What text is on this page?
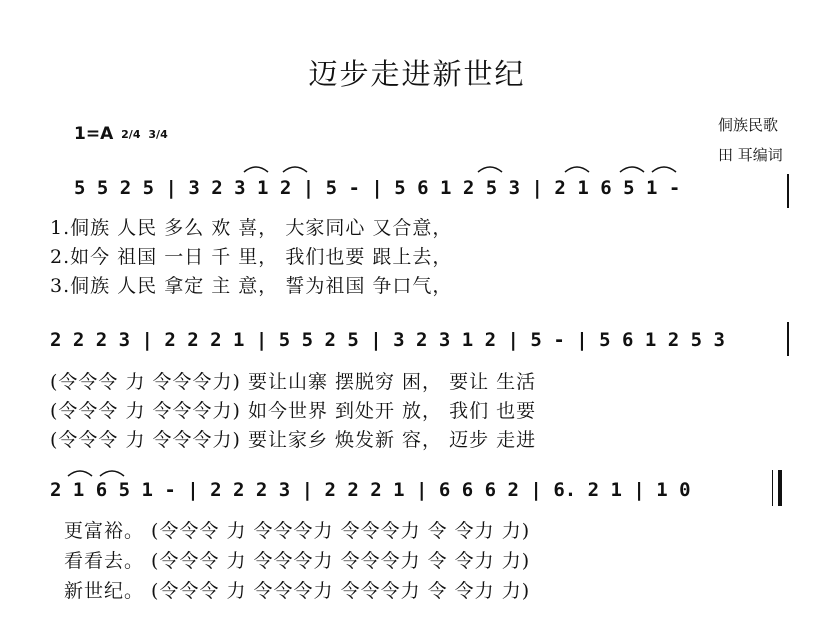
迈步走进新世纪
1=A 2/4
3/4	侗族民歌
田 耳编词
5 5 2 5 | 3 2 3 1 2 | 5 - | 5 6 1 2 5 3 | 2 1 6 5 1 -
1.侗族 人民 多么 欢 喜， 大家同心 又合意，
2.如今 祖国 一日 千 里， 我们也要 跟上去，
3.侗族 人民 拿定 主 意， 誓为祖国 争口气，
2 2 2 3 | 2 2 2 1 | 5 5 2 5 | 3 2 3 1 2 | 5 - | 5 6 1 2 5 3
(令令令 力 令令令力) 要让山寨 摆脱穷 困， 要让 生活
(令令令 力 令令令力) 如今世界 到处开 放， 我们 也要
(令令令 力 令令令力) 要让家乡 焕发新 容， 迈步 走进
2 1 6 5 1 - | 2 2 2 3 | 2 2 2 1 | 6 6 6 2 | 6. 2 1 | 1 0
更富裕。 (令令令 力 令令令力 令令令力 令 令力 力)
看看去。 (令令令 力 令令令力 令令令力 令 令力 力)
新世纪。 (令令令 力 令令令力 令令令力 令 令力 力)
